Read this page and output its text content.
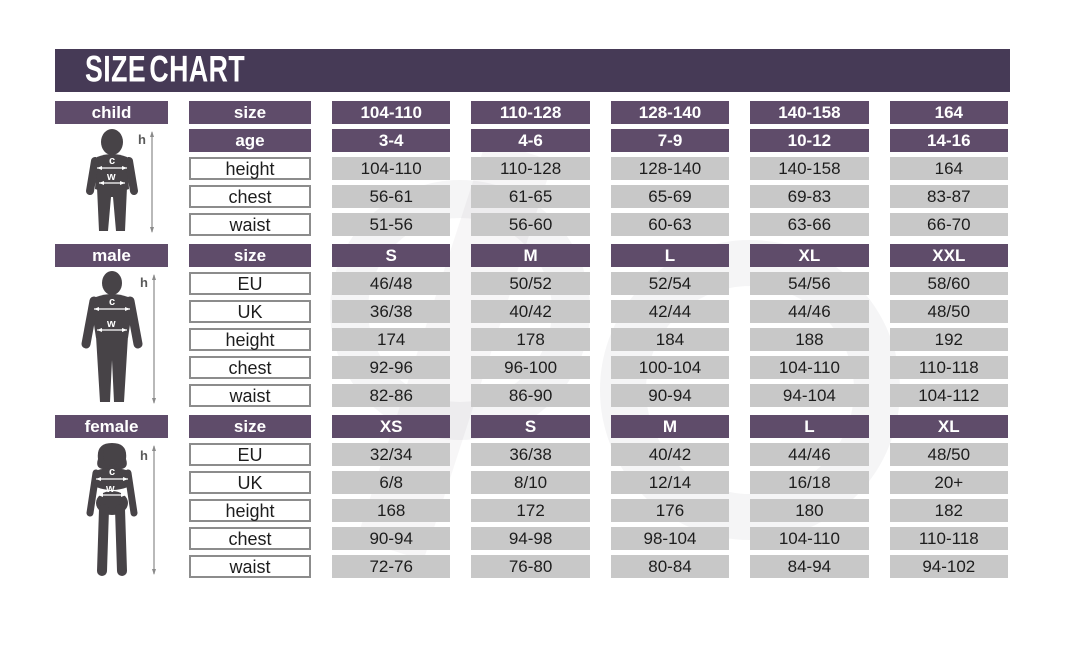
SIZE CHART
child	size	104-110	110-128	128-140	140-158	164
age	3-4	4-6	7-9	10-12	14-16
height	104-110	110-128	128-140	140-158	164
chest	56-61	61-65	65-69	69-83	83-87
waist	51-56	56-60	60-63	63-66	66-70
male	size	S	M	L	XL	XXL
EU	46/48	50/52	52/54	54/56	58/60
UK	36/38	40/42	42/44	44/46	48/50
height	174	178	184	188	192
chest	92-96	96-100	100-104	104-110	110-118
waist	82-86	86-90	90-94	94-104	104-112
female	size	XS	S	M	L	XL
EU	32/34	36/38	40/42	44/46	48/50
UK	6/8	8/10	12/14	16/18	20+
height	168	172	176	180	182
chest	90-94	94-98	98-104	104-110	110-118
waist	72-76	76-80	80-84	84-94	94-102
h
c
w
h
c
w
h
c
w
